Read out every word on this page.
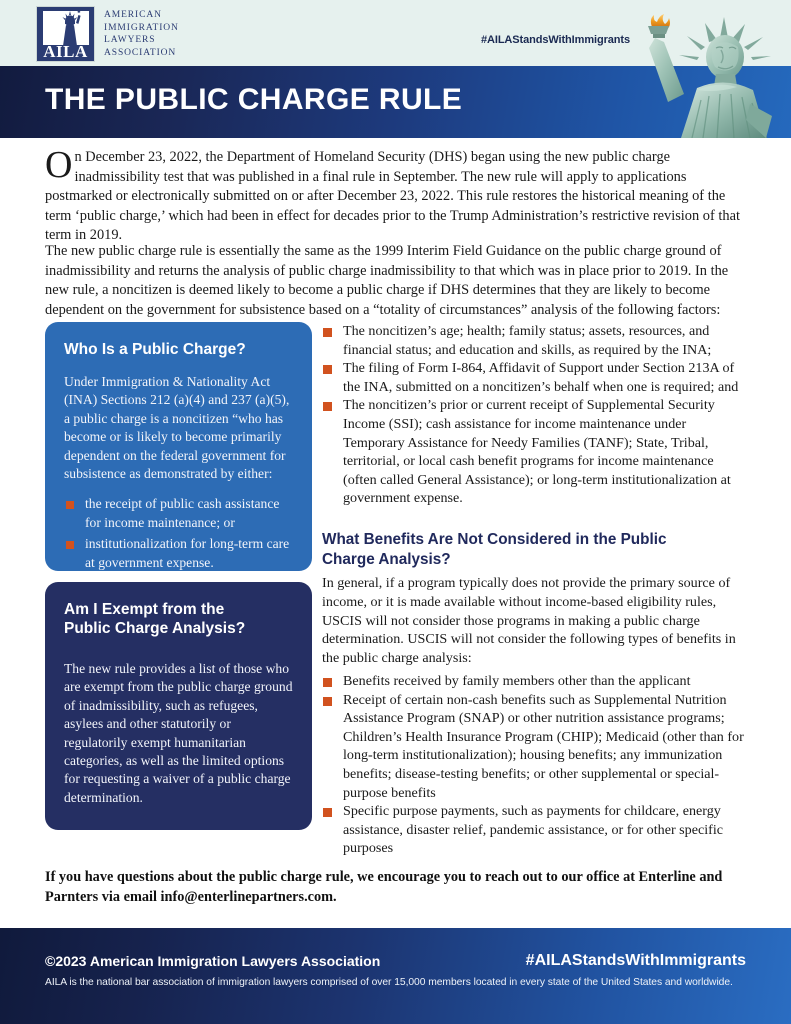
AILA
AMERICAN
IMMIGRATION
LAWYERS
ASSOCIATION
#AILAStandsWithImmigrants
THE PUBLIC CHARGE RULE

On December 23, 2022, the Department of Homeland Security (DHS) began using the new public charge inadmissibility test that was published in a final rule in September. The new rule will apply to applications postmarked or electronically submitted on or after December 23, 2022. This rule restores the historical meaning of the term ‘public charge,’ which had been in effect for decades prior to the Trump Administration’s restrictive revision of that term in 2019.

The new public charge rule is essentially the same as the 1999 Interim Field Guidance on the public charge ground of inadmissibility and returns the analysis of public charge inadmissibility to that which was in place prior to 2019. In the new rule, a noncitizen is deemed likely to become a public charge if DHS determines that they are likely to become dependent on the government for subsistence based on a “totality of circumstances” analysis of the following factors:

Who Is a Public Charge?
Under Immigration & Nationality Act (INA) Sections 212 (a)(4) and 237 (a)(5), a public charge is a noncitizen “who has become or is likely to become primarily dependent on the federal government for subsistence as demonstrated by either:
the receipt of public cash assistance for income maintenance; or
institutionalization for long-term care at government expense.
Am I Exempt from the
Public Charge Analysis?
The new rule provides a list of those who are exempt from the public charge ground of inadmissibility, such as refugees, asylees and other statutorily or regulatorily exempt humanitarian categories, as well as the limited options for requesting a waiver of a public charge determination.
The noncitizen’s age; health; family status; assets, resources, and financial status; and education and skills, as required by the INA;
The filing of Form I-864, Affidavit of Support under Section 213A of the INA, submitted on a noncitizen’s behalf when one is required; and
The noncitizen’s prior or current receipt of Supplemental Security Income (SSI); cash assistance for income maintenance under Temporary Assistance for Needy Families (TANF); State, Tribal, territorial, or local cash benefit programs for income maintenance (often called General Assistance); or long-term institutionalization at government expense.
What Benefits Are Not Considered in the Public Charge Analysis?

In general, if a program typically does not provide the primary source of income, or it is made available without income-based eligibility rules, USCIS will not consider those programs in making a public charge determination. USCIS will not consider the following types of benefits in the public charge analysis:

Benefits received by family members other than the applicant
Receipt of certain non-cash benefits such as Supplemental Nutrition Assistance Program (SNAP) or other nutrition assistance programs; Children’s Health Insurance Program (CHIP); Medicaid (other than for long-term institutionalization); housing benefits; any immunization benefits; disease-testing benefits; or other supplemental or special-purpose benefits
Specific purpose payments, such as payments for childcare, energy assistance, disaster relief, pandemic assistance, or for other specific purposes

If you have questions about the public charge rule, we encourage you to reach out to our office at Enterline and Parnters via email info@enterlinepartners.com.

©2023 American Immigration Lawyers Association	#AILAStandsWithImmigrants
AILA is the national bar association of immigration lawyers comprised of over 15,000 members located in every state of the United States and worldwide.
